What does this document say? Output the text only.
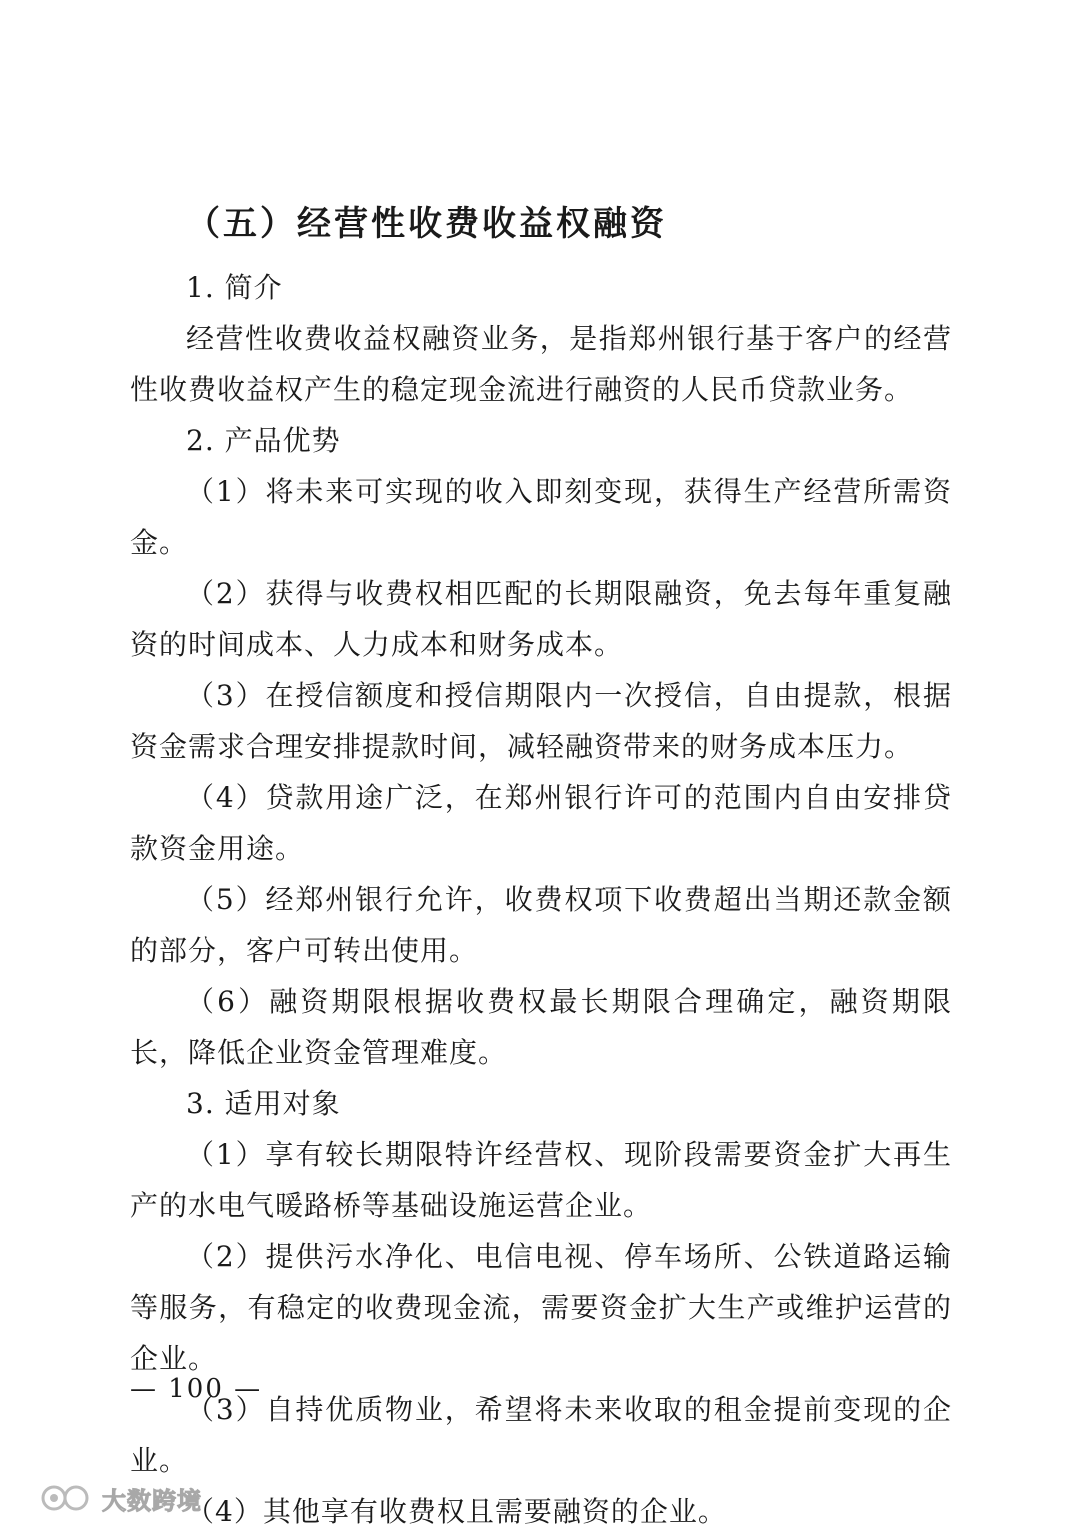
（五）经营性收费收益权融资

1. 简介

经营性收费收益权融资业务，是指郑州银行基于客户的经营性收费收益权产生的稳定现金流进行融资的人民币贷款业务。

2. 产品优势

（1）将未来可实现的收入即刻变现，获得生产经营所需资金。

（2）获得与收费权相匹配的长期限融资，免去每年重复融资的时间成本、人力成本和财务成本。

（3）在授信额度和授信期限内一次授信，自由提款，根据资金需求合理安排提款时间，减轻融资带来的财务成本压力。

（4）贷款用途广泛，在郑州银行许可的范围内自由安排贷款资金用途。

（5）经郑州银行允许，收费权项下收费超出当期还款金额的部分，客户可转出使用。

（6）融资期限根据收费权最长期限合理确定，融资期限长，降低企业资金管理难度。

3. 适用对象

（1）享有较长期限特许经营权、现阶段需要资金扩大再生产的水电气暖路桥等基础设施运营企业。

（2）提供污水净化、电信电视、停车场所、公铁道路运输等服务，有稳定的收费现金流，需要资金扩大生产或维护运营的企业。

（3）自持优质物业，希望将未来收取的租金提前变现的企业。

（4）其他享有收费权且需要融资的企业。

— 100 —
大数跨境
